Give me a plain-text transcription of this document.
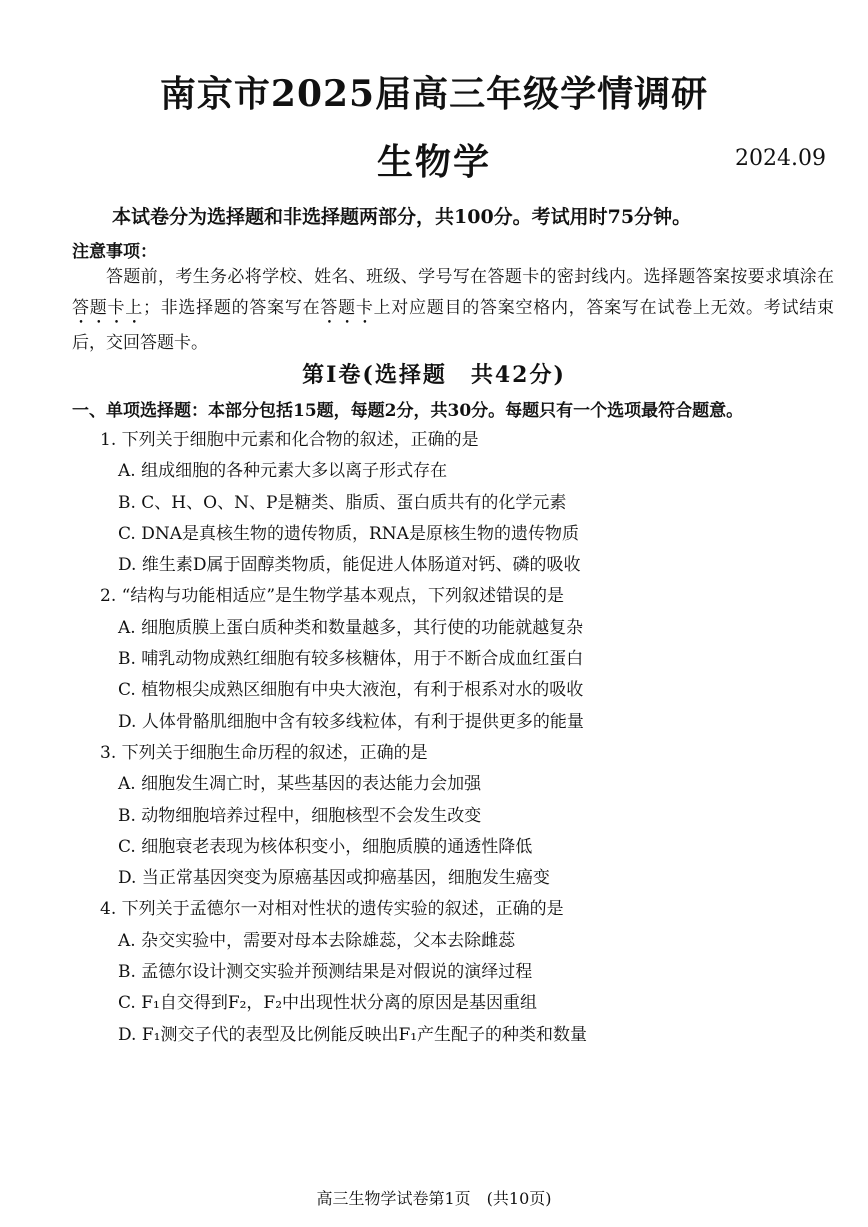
南京市2025届高三年级学情调研
生物学	2024.09
本试卷分为选择题和非选择题两部分，共100分。考试用时75分钟。
注意事项：
答题前，考生务必将学校、姓名、班级、学号写在答题卡的密封线内。选择题答案按要求填涂在答题卡上；非选择题的答案写在答题卡上对应题目的答案空格内，答案写在试卷上无效。考试结束后，交回答题卡。
第Ⅰ卷(选择题　共42分)
一、单项选择题：本部分包括15题，每题2分，共30分。每题只有一个选项最符合题意。
1. 下列关于细胞中元素和化合物的叙述，正确的是
A. 组成细胞的各种元素大多以离子形式存在
B. C、H、O、N、P是糖类、脂质、蛋白质共有的化学元素
C. DNA是真核生物的遗传物质，RNA是原核生物的遗传物质
D. 维生素D属于固醇类物质，能促进人体肠道对钙、磷的吸收
2. “结构与功能相适应”是生物学基本观点，下列叙述错误的是
A. 细胞质膜上蛋白质种类和数量越多，其行使的功能就越复杂
B. 哺乳动物成熟红细胞有较多核糖体，用于不断合成血红蛋白
C. 植物根尖成熟区细胞有中央大液泡，有利于根系对水的吸收
D. 人体骨骼肌细胞中含有较多线粒体，有利于提供更多的能量
3. 下列关于细胞生命历程的叙述，正确的是
A. 细胞发生凋亡时，某些基因的表达能力会加强
B. 动物细胞培养过程中，细胞核型不会发生改变
C. 细胞衰老表现为核体积变小，细胞质膜的通透性降低
D. 当正常基因突变为原癌基因或抑癌基因，细胞发生癌变
4. 下列关于孟德尔一对相对性状的遗传实验的叙述，正确的是
A. 杂交实验中，需要对母本去除雄蕊，父本去除雌蕊
B. 孟德尔设计测交实验并预测结果是对假说的演绎过程
C. F₁自交得到F₂，F₂中出现性状分离的原因是基因重组
D. F₁测交子代的表型及比例能反映出F₁产生配子的种类和数量
高三生物学试卷第1页　(共10页)
